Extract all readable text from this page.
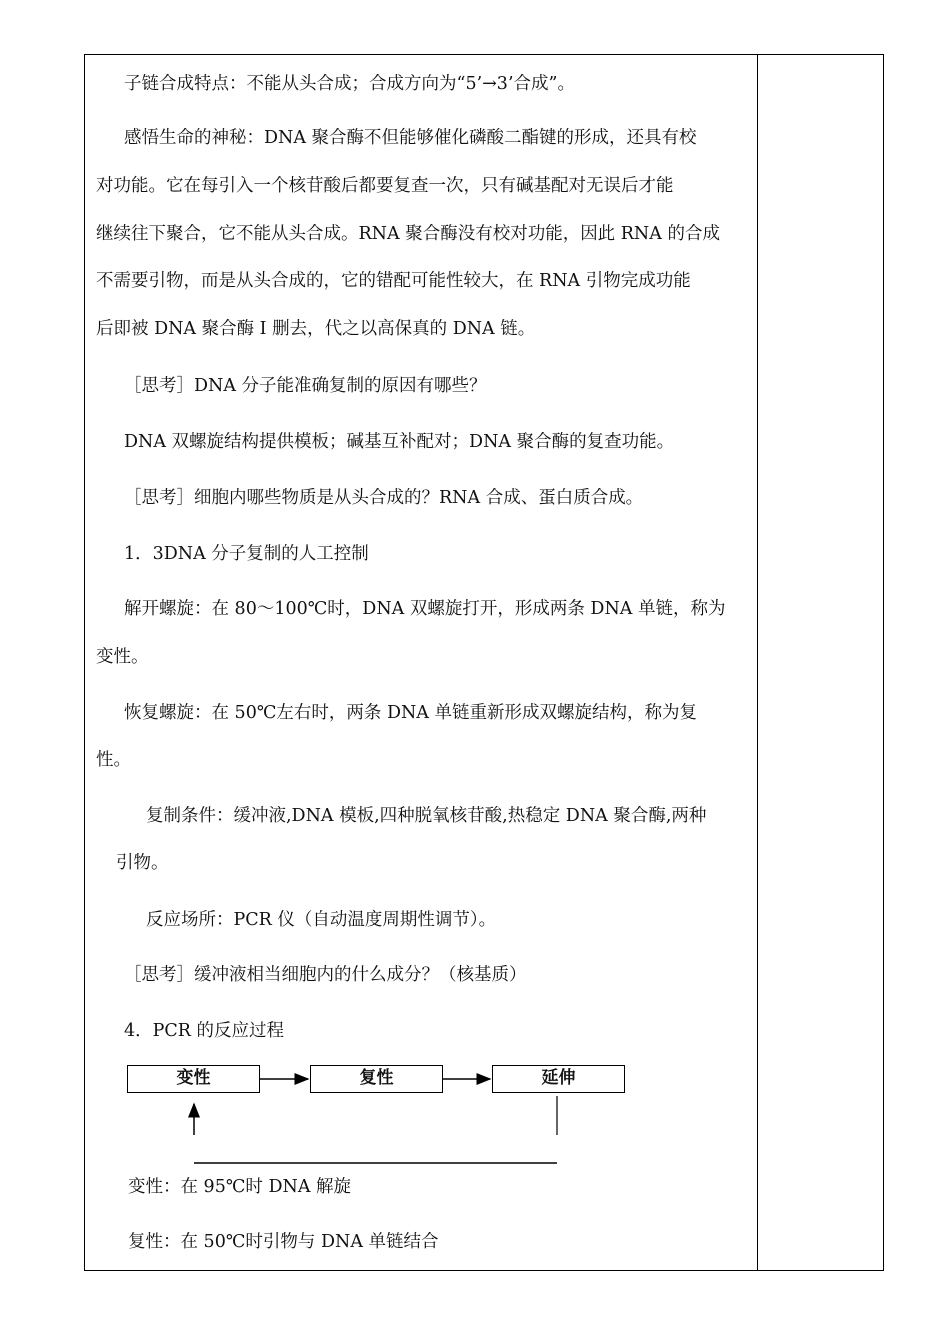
子链合成特点：不能从头合成；合成方向为“5’→3’合成”。
感悟生命的神秘：DNA 聚合酶不但能够催化磷酸二酯键的形成，还具有校
对功能。它在每引入一个核苷酸后都要复查一次，只有碱基配对无误后才能
继续往下聚合，它不能从头合成。RNA 聚合酶没有校对功能，因此 RNA 的合成
不需要引物，而是从头合成的，它的错配可能性较大，在 RNA 引物完成功能
后即被 DNA 聚合酶 I 删去，代之以高保真的 DNA 链。
［思考］DNA 分子能准确复制的原因有哪些？
DNA 双螺旋结构提供模板；碱基互补配对；DNA 聚合酶的复查功能。
［思考］细胞内哪些物质是从头合成的？RNA 合成、蛋白质合成。
1．3DNA 分子复制的人工控制
解开螺旋：在 80～100℃时，DNA 双螺旋打开，形成两条 DNA 单链，称为
变性。
恢复螺旋：在 50℃左右时，两条 DNA 单链重新形成双螺旋结构，称为复
性。
复制条件：缓冲液,DNA 模板,四种脱氧核苷酸,热稳定 DNA 聚合酶,两种
引物。
反应场所：PCR 仪（自动温度周期性调节）。
［思考］缓冲液相当细胞内的什么成分？（核基质）
4．PCR 的反应过程
变性	复性	延伸
变性：在 95℃时 DNA 解旋
复性：在 50℃时引物与 DNA 单链结合
